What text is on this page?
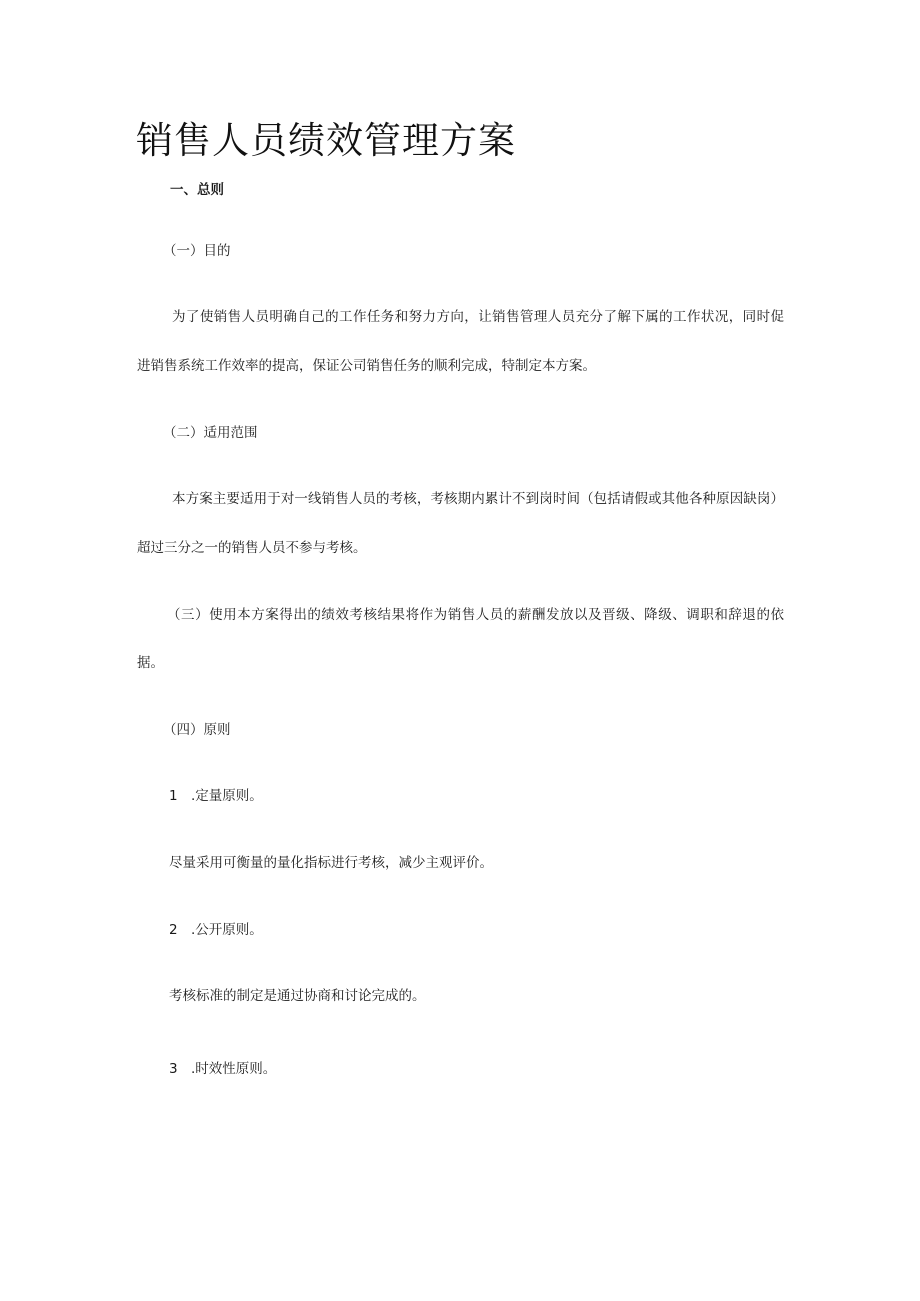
销售人员绩效管理方案
一、总则
（一）目的
为了使销售人员明确自己的工作任务和努力方向，让销售管理人员充分了解下属的工作状况，同时促
进销售系统工作效率的提高，保证公司销售任务的顺利完成，特制定本方案。
（二）适用范围
本方案主要适用于对一线销售人员的考核，考核期内累计不到岗时间（包括请假或其他各种原因缺岗）
超过三分之一的销售人员不参与考核。
（三）使用本方案得出的绩效考核结果将作为销售人员的薪酬发放以及晋级、降级、调职和辞退的依
据。
（四）原则
1 .定量原则。
尽量采用可衡量的量化指标进行考核，减少主观评价。
2 .公开原则。
考核标准的制定是通过协商和讨论完成的。
3 .时效性原则。
